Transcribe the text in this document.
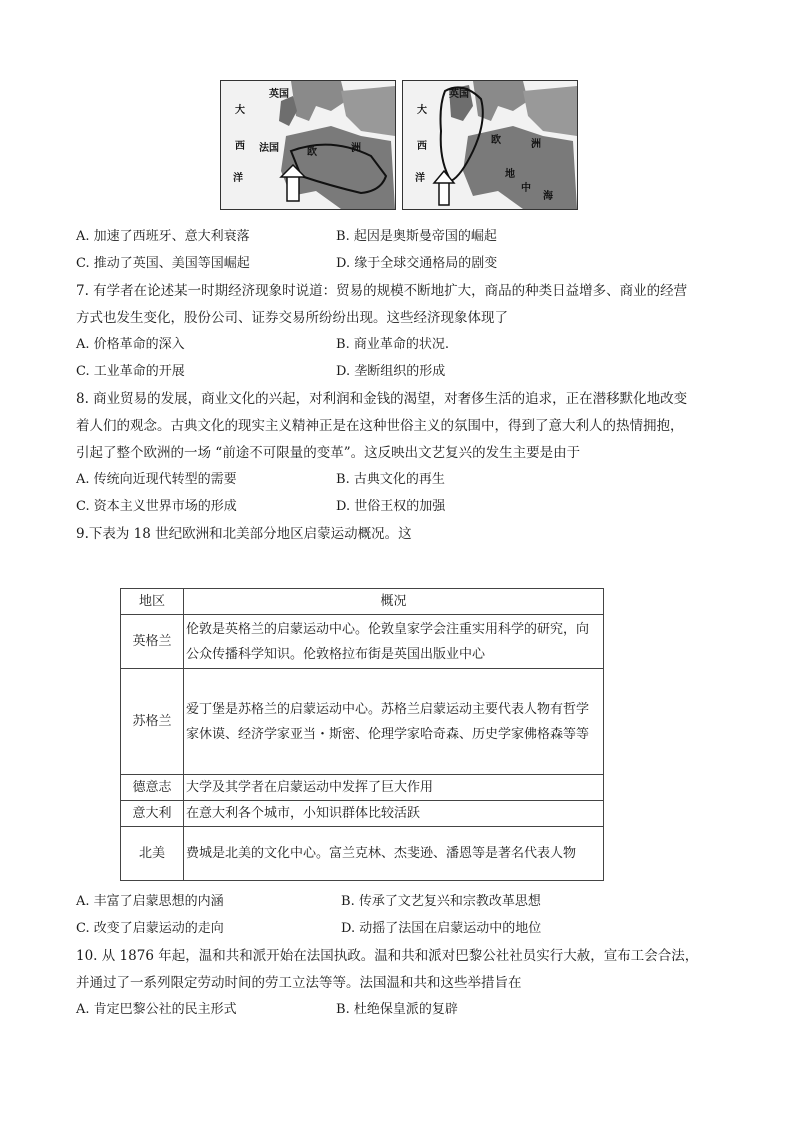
英国
大
西 法国
洋
欧	洲
英国
大
西
洋
欧	洲
地
中
海
A. 加速了西班牙、意大利衰落	B. 起因是奥斯曼帝国的崛起
C. 推动了英国、美国等国崛起	D. 缘于全球交通格局的剧变
7. 有学者在论述某一时期经济现象时说道：贸易的规模不断地扩大，商品的种类日益增多、商业的经营
方式也发生变化，股份公司、证券交易所纷纷出现。这些经济现象体现了
A. 价格革命的深入	B. 商业革命的状况.
C. 工业革命的开展	D. 垄断组织的形成
8. 商业贸易的发展，商业文化的兴起，对利润和金钱的渴望，对奢侈生活的追求，正在潜移默化地改变
着人们的观念。古典文化的现实主义精神正是在这种世俗主义的氛围中，得到了意大利人的热情拥抱，
引起了整个欧洲的一场 “前途不可限量的变革”。这反映出文艺复兴的发生主要是由于
A. 传统向近现代转型的需要	B. 古典文化的再生
C. 资本主义世界市场的形成	D. 世俗王权的加强
9.下表为 18 世纪欧洲和北美部分地区启蒙运动概况。这
地区	概况
英格兰	伦敦是英格兰的启蒙运动中心。伦敦皇家学会注重实用科学的研究，向公众传播科学知识。伦敦格拉布街是英国出版业中心
苏格兰	爱丁堡是苏格兰的启蒙运动中心。苏格兰启蒙运动主要代表人物有哲学家休谟、经济学家亚当・斯密、伦理学家哈奇森、历史学家佛格森等等
德意志	大学及其学者在启蒙运动中发挥了巨大作用
意大利	在意大利各个城市，小知识群体比较活跃
北美	费城是北美的文化中心。富兰克林、杰斐逊、潘恩等是著名代表人物
A. 丰富了启蒙思想的内涵	B. 传承了文艺复兴和宗教改革思想
C. 改变了启蒙运动的走向	D. 动摇了法国在启蒙运动中的地位
10. 从 1876 年起，温和共和派开始在法国执政。温和共和派对巴黎公社社员实行大赦，宣布工会合法，
并通过了一系列限定劳动时间的劳工立法等等。法国温和共和这些举措旨在
A. 肯定巴黎公社的民主形式	B. 杜绝保皇派的复辟
